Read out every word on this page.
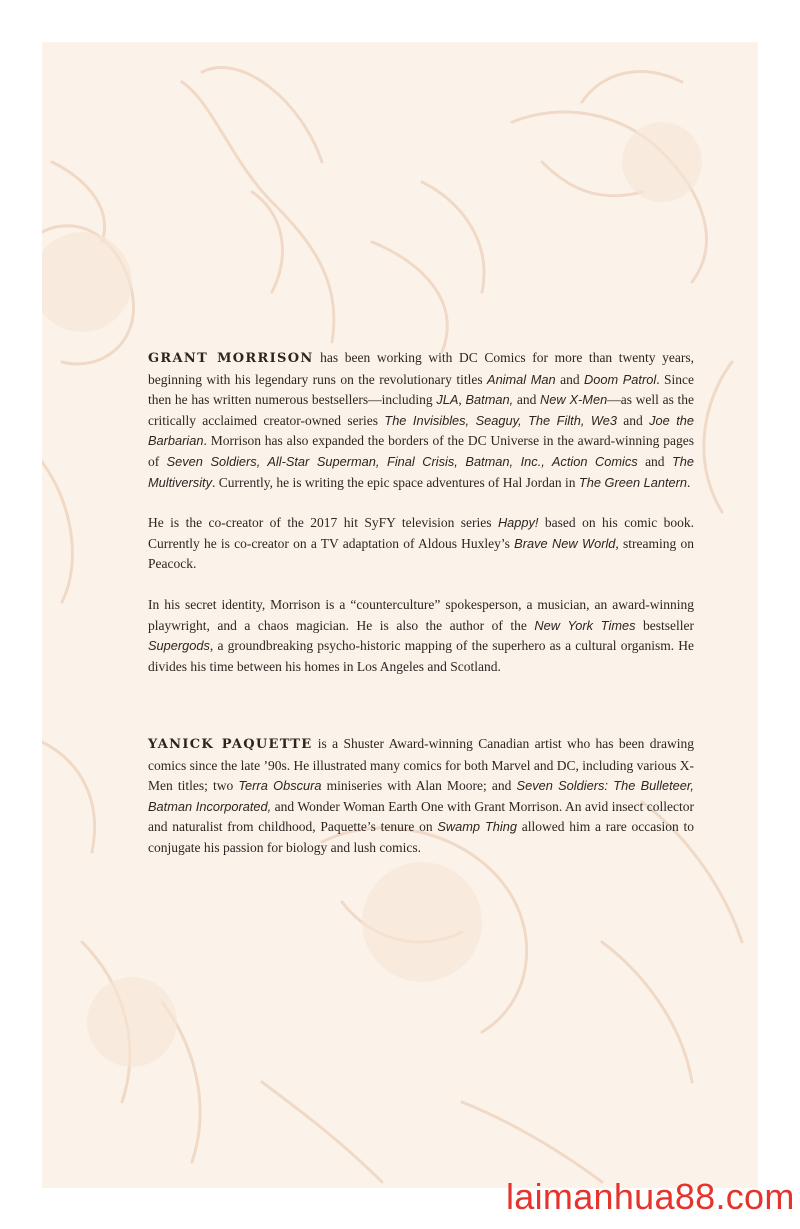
GRANT MORRISON has been working with DC Comics for more than twenty years, beginning with his legendary runs on the revolutionary titles Animal Man and Doom Patrol. Since then he has written numerous bestsellers—including JLA, Batman, and New X-Men—as well as the critically acclaimed creator-owned series The Invisibles, Seaguy, The Filth, We3 and Joe the Barbarian. Morrison has also expanded the borders of the DC Universe in the award-winning pages of Seven Soldiers, All-Star Superman, Final Crisis, Batman, Inc., Action Comics and The Multiversity. Currently, he is writing the epic space adventures of Hal Jordan in The Green Lantern.

He is the co-creator of the 2017 hit SyFY television series Happy! based on his comic book. Currently he is co-creator on a TV adaptation of Aldous Huxley’s Brave New World, streaming on Peacock.

In his secret identity, Morrison is a “counterculture” spokesperson, a musician, an award-winning playwright, and a chaos magician. He is also the author of the New York Times bestseller Supergods, a groundbreaking psycho-historic mapping of the superhero as a cultural organism. He divides his time between his homes in Los Angeles and Scotland.

YANICK PAQUETTE is a Shuster Award-winning Canadian artist who has been drawing comics since the late ’90s. He illustrated many comics for both Marvel and DC, including various X-Men titles; two Terra Obscura miniseries with Alan Moore; and Seven Soldiers: The Bulleteer, Batman Incorporated, and Wonder Woman Earth One with Grant Morrison. An avid insect collector and naturalist from childhood, Paquette’s tenure on Swamp Thing allowed him a rare occasion to conjugate his passion for biology and lush comics.

laimanhua88.com
